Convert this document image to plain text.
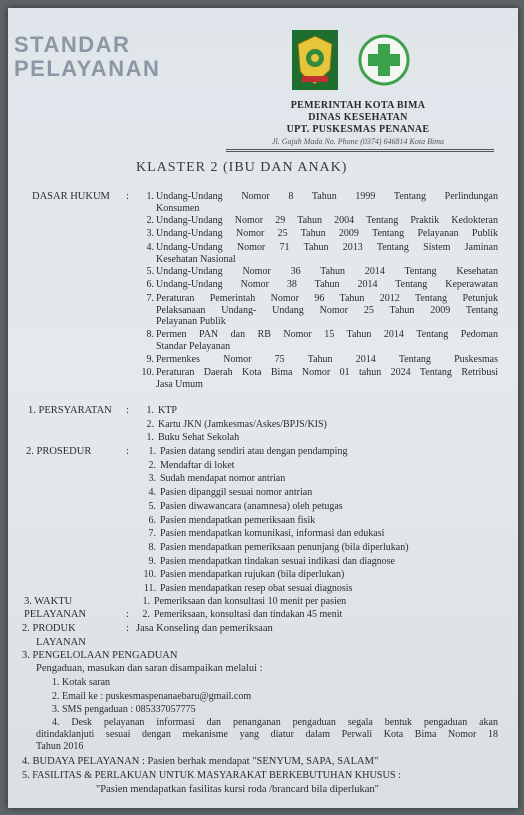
STANDAR
PELAYANAN
PEMERINTAH KOTA BIMA
DINAS KESEHATAN
UPT. PUSKESMAS PENANAE
Jl. Gajah Mada No. Phone (0374) 646814 Kota Bima
KLASTER 2 (IBU DAN ANAK)
DASAR HUKUM :	1. Undang-Undang Nomor 8 Tahun 1999 Tentang Perlindungan
Konsumen
2. Undang-Undang Nomor 29 Tahun 2004 Tentang Praktik Kedokteran
3. Undang-Undang Nomor 25 Tahun 2009 Tentang Pelayanan Publik
4. Undang-Undang Nomor 71 Tahun 2013 Tentang Sistem Jaminan
Kesehatan Nasional
5. Undang-Undang Nomor 36 Tahun 2014 Tentang Kesehatan
6. Undang-Undang Nomor 38 Tahun 2014 Tentang Keperawatan
7. Peraturan Pemerintah Nomor 96 Tahun 2012 Tentang Petunjuk
Pelaksanaan Undang- Undang Nomor 25 Tahun 2009 Tentang
Pelayanan Publik
8. Permen PAN dan RB Nomor 15 Tahun 2014 Tentang Pedoman
Standar Pelayanan
9. Permenkes Nomor 75 Tahun 2014 Tentang Puskesmas
10. Peraturan Daerah Kota Bima Nomor 01 tahun 2024 Tentang Retribusi
Jasa Umum
1. PERSYARATAN :	1. KTP
2. Kartu JKN (Jamkesmas/Askes/BPJS/KIS)
1. Buku Sehat Sekolah
2. PROSEDUR	:	1. Pasien datang sendiri atau dengan pendamping
2. Mendaftar di loket
3. Sudah mendapat nomor antrian
4. Pasien dipanggil sesuai nomor antrian
5. Pasien diwawancara (anamnesa) oleh petugas
6. Pasien mendapatkan pemeriksaan fisik
7. Pasien mendapatkan komunikasi, informasi dan edukasi
8. Pasien mendapatkan pemeriksaan penunjang (bila diperlukan)
9. Pasien mendapatkan tindakan sesuai indikasi dan diagnose
10. Pasien mendapatkan rujukan (bila diperlukan)
11. Pasien mendapatkan resep obat sesuai diagnosis
3. WAKTU
PELAYANAN	:
1. Pemeriksaan dan konsultasi 10 menit per pasien
2. Pemeriksaan, konsultasi dan tindakan 45 menit
2. PRODUK	: Jasa Konseling dan pemeriksaan
LAYANAN
3. PENGELOLAAN PENGADUAN
Pengaduan, masukan dan saran disampaikan melalui :
1. Kotak saran
2. Email ke : puskesmaspenanaebaru@gmail.com
3. SMS pengaduan : 085337057775
4. Desk pelayanan informasi dan penanganan pengaduan segala bentuk pengaduan akan
ditindaklanjuti sesuai dengan mekanisme yang diatur dalam Perwali Kota Bima Nomor 18
Tahun 2016
4. BUDAYA PELAYANAN : Pasien berhak mendapat "SENYUM, SAPA, SALAM"
5. FASILITAS & PERLAKUAN UNTUK MASYARAKAT BERKEBUTUHAN KHUSUS :
"Pasien mendapatkan fasilitas kursi roda /brancard bila diperlukan"
